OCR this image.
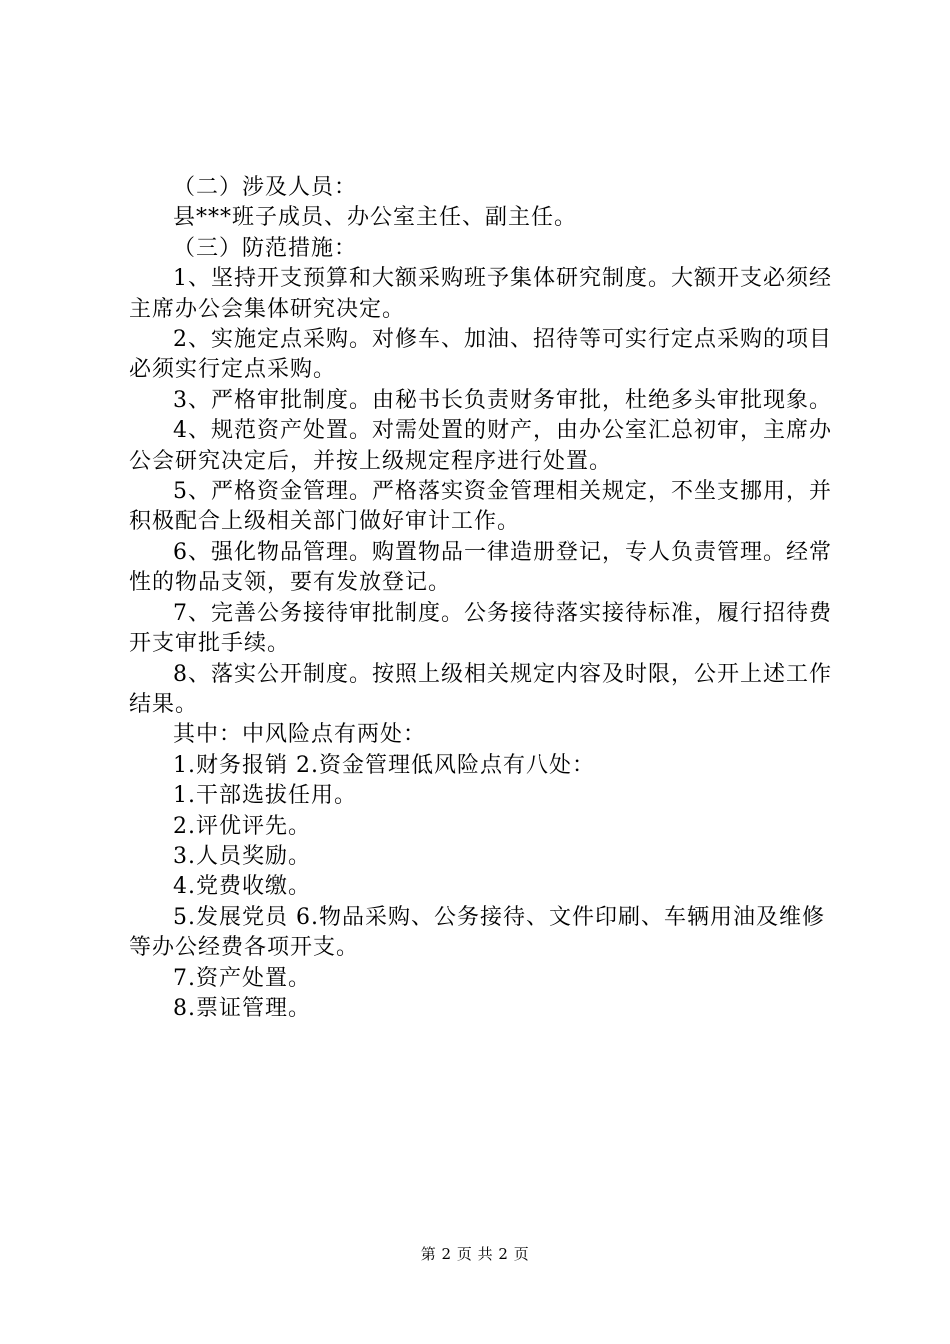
（二）涉及人员：

县***班子成员、办公室主任、副主任。

（三）防范措施：

1、坚持开支预算和大额采购班予集体研究制度。大额开支必须经主席办公会集体研究决定。

2、实施定点采购。对修车、加油、招待等可实行定点采购的项目必须实行定点采购。

3、严格审批制度。由秘书长负责财务审批，杜绝多头审批现象。

4、规范资产处置。对需处置的财产，由办公室汇总初审，主席办公会研究决定后，并按上级规定程序进行处置。

5、严格资金管理。严格落实资金管理相关规定，不坐支挪用，并积极配合上级相关部门做好审计工作。

6、强化物品管理。购置物品一律造册登记，专人负责管理。经常性的物品支领，要有发放登记。

7、完善公务接待审批制度。公务接待落实接待标准，履行招待费开支审批手续。

8、落实公开制度。按照上级相关规定内容及时限，公开上述工作结果。

其中：中风险点有两处：

1.财务报销 2.资金管理低风险点有八处：

1.干部选拔任用。

2.评优评先。

3.人员奖励。

4.党费收缴。

5.发展党员 6.物品采购、公务接待、文件印刷、车辆用油及维修等办公经费各项开支。

7.资产处置。

8.票证管理。

第 2 页 共 2 页
